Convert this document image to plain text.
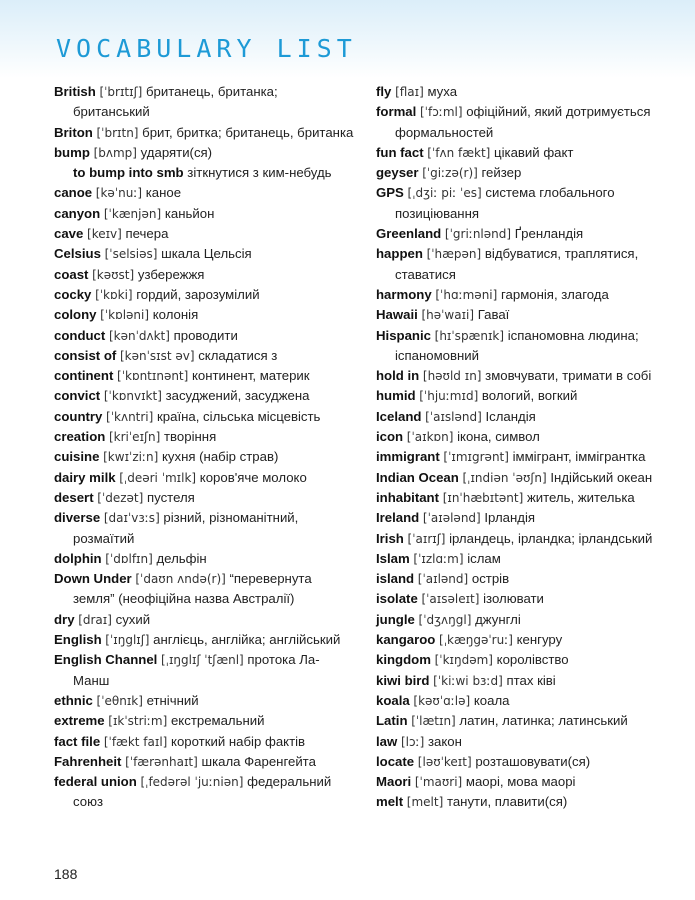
VOCABULARY LIST
British [ˈbrɪtɪʃ] британець, британка; британський
Briton [ˈbrɪtn] брит, бритка; британець, британка
bump [bʌmp] ударяти(ся)
to bump into smb зіткнутися з ким-небудь
canoe [kəˈnuː] каное
canyon [ˈkænjən] каньйон
cave [keɪv] печера
Celsius [ˈselsiəs] шкала Цельсія
coast [kəʊst] узбережжя
cocky [ˈkɒki] гордий, зарозумілий
colony [ˈkɒləni] колонія
conduct [kənˈdʌkt] проводити
consist of [kənˈsɪst əv] складатися з
continent [ˈkɒntɪnənt] континент, материк
convict [ˈkɒnvɪkt] засуджений, засуджена
country [ˈkʌntri] країна, сільська місцевість
creation [kriˈeɪʃn] творіння
cuisine [kwɪˈziːn] кухня (набір страв)
dairy milk [ˌdeəri ˈmɪlk] коров'яче молоко
desert [ˈdezət] пустеля
diverse [daɪˈvɜːs] різний, різноманітний, розмаїтий
dolphin [ˈdɒlfɪn] дельфін
Down Under [ˈdaʊn ʌndə(r)] “перевернута земля” (неофіційна назва Австралії)
dry [draɪ] сухий
English [ˈɪŋglɪʃ] англієць, англійка; англійський
English Channel [ˌɪŋglɪʃ ˈtʃænl] протока Ла-Манш
ethnic [ˈeθnɪk] етнічний
extreme [ɪkˈstriːm] екстремальний
fact file [ˈfækt faɪl] короткий набір фактів
Fahrenheit [ˈfærənhaɪt] шкала Фаренгейта
federal union [ˌfedərəl ˈjuːniən] федеральний союз
fly [flaɪ] муха
formal [ˈfɔːml] офіційний, який дотримується формальностей
fun fact [ˈfʌn fækt] цікавий факт
geyser [ˈgiːzə(r)] гейзер
GPS [ˌdʒiː piː ˈes] система глобального позиціювання
Greenland [ˈgriːnlənd] Ґренландія
happen [ˈhæpən] відбуватися, траплятися, ставатися
harmony [ˈhɑːməni] гармонія, злагода
Hawaii [həˈwaɪi] Гаваї
Hispanic [hɪˈspænɪk] іспаномовна людина; іспаномовний
hold in [həʊld ɪn] змовчувати, тримати в собі
humid [ˈhjuːmɪd] вологий, вогкий
Iceland [ˈaɪslənd] Ісландія
icon [ˈaɪkɒn] ікона, символ
immigrant [ˈɪmɪgrənt] іммігрант, іммігрантка
Indian Ocean [ˌɪndiən ˈəʊʃn] Індійський океан
inhabitant [ɪnˈhæbɪtənt] житель, жителька
Ireland [ˈaɪələnd] Ірландія
Irish [ˈaɪrɪʃ] ірландець, ірландка; ірландський
Islam [ˈɪzlɑːm] іслам
island [ˈaɪlənd] острів
isolate [ˈaɪsəleɪt] ізолювати
jungle [ˈdʒʌŋgl] джунглі
kangaroo [ˌkæŋgəˈruː] кенгуру
kingdom [ˈkɪŋdəm] королівство
kiwi bird [ˈkiːwi bɜːd] птах ківі
koala [kəʊˈɑːlə] коала
Latin [ˈlætɪn] латин, латинка; латинський
law [lɔː] закон
locate [ləʊˈkeɪt] розташовувати(ся)
Maori [ˈmaʊri] маорі, мова маорі
melt [melt] танути, плавити(ся)
188
